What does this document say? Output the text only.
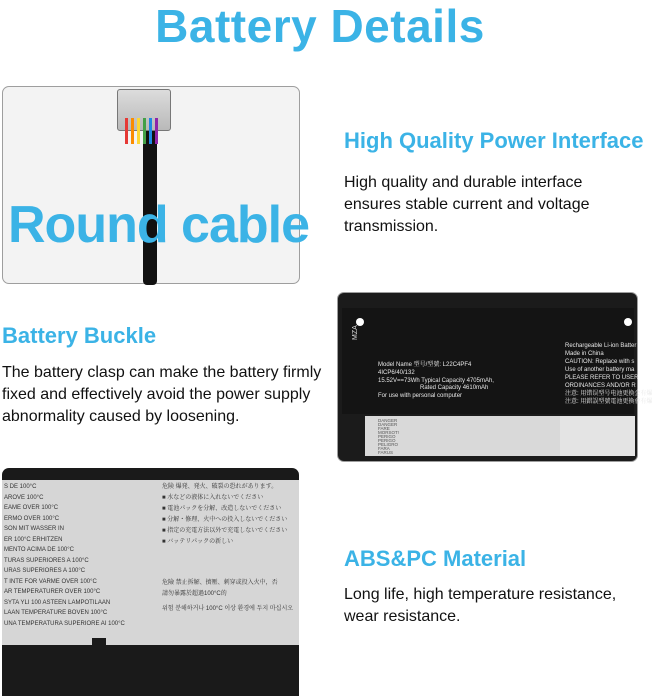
Battery Details
Round cable
High Quality Power Interface
High quality and durable interface ensures stable current and voltage transmission.
Battery Buckle
The battery clasp can make the battery firmly fixed and effectively avoid the power supply abnormality caused by loosening.
MZA
Model Name 型号/型號: L22C4PF4
4ICP6/40/132
15.52V==73Wh Typical Capacity 4705mAh,
Rated Capacity 4610mAh
For use with personal computer
Rechargeable Li-ion Batter
Made in China
CAUTION: Replace with s
Use of another battery ma
PLEASE REFER TO USER
ORDINANCES AND/OR R
注意: 用错误型号电池更换会有爆
注意: 用錯誤型號電池更換會有爆
DANGER
DANGER
FARE
MORSOT!
PERIGO
PERIGO
PELIGRO
FARA
FARUS
ABS&PC Material
Long life, high temperature resistance, wear resistance.
S DE 100°C
AROVE 100°C
EAME OVER 100°C
ERMO OVER 100°C
SON MIT WASSER IN
ER 100°C ERHITZEN
MENTO ACIMA DE 100°C
TURAS SUPERIORES A 100°C
URAS SUPERIORES A 100°C
T INTE FOR VARME OVER 100°C
AR TEMPERATURER OVER 100°C
SYTA YLI 100 ASTEEN LAMPOTILAAN
LAAN TEMPERATURE BOVEN 100°C
UNA TEMPERATURA SUPERIORE AI 100°C
危険 爆発、発火、破裂の恐れがあります。
■ 水などの液体に入れないでください
■ 電池パックを分解、改造しないでください
■ 分解・修理、火中への投入しないでください
■ 指定の充電方法以外で充電しないでください
■ バッテリパックの新しい
危險 禁止拆解、擠壓、刺穿或投入火中，否
請勿暴露於超過100°C的
위험 분해하거나 100°C 이상 환경에 두지 마십시오
